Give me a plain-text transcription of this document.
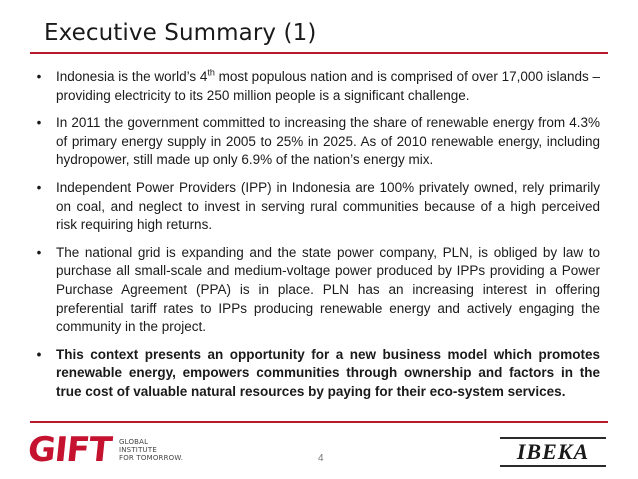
Executive Summary (1)
•	Indonesia is the world’s 4th most populous nation and is comprised of over 17,000 islands – providing electricity to its 250 million people is a significant challenge.
•	In 2011 the government committed to increasing the share of renewable energy from 4.3% of primary energy supply in 2005 to 25% in 2025. As of 2010 renewable energy, including hydropower, still made up only 6.9% of the nation’s energy mix.
•	Independent Power Providers (IPP) in Indonesia are 100% privately owned, rely primarily on coal, and neglect to invest in serving rural communities because of a high perceived risk requiring high returns.
•	The national grid is expanding and the state power company, PLN, is obliged by law to purchase all small-scale and medium-voltage power produced by IPPs providing a Power Purchase Agreement (PPA) is in place. PLN has an increasing interest in offering preferential tariff rates to IPPs producing renewable energy and actively engaging the community in the project.
•	This context presents an opportunity for a new business model which promotes renewable energy, empowers communities through ownership and factors in the true cost of valuable natural resources by paying for their eco-system services.
GIFT GLOBAL
INSTITUTE
FOR TOMORROW.	4	IBEKA
